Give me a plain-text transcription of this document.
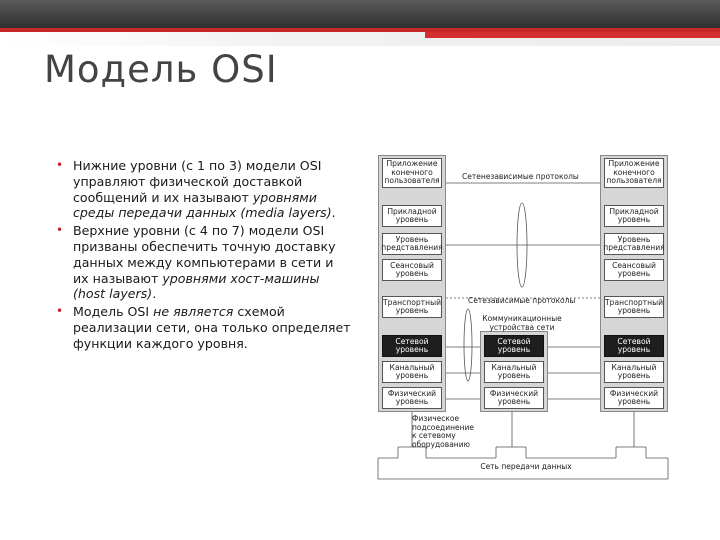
Модель OSI
• Нижние уровни (с 1 по 3) модели OSI управляют физической доставкой сообщений и их называют уровнями среды передачи данных (media layers).
• Верхние уровни (с 4 по 7) модели OSI призваны обеспечить точную доставку данных между компьютерами в сети и их называют уровнями хост-машины (host layers).
• Модель OSI не является схемой реализации сети, она только определяет функции каждого уровня.
Приложение
конечного
пользователя
Приложение
конечного
пользователя
Прикладной
уровень
Прикладной
уровень
Уровень
представления
Уровень
представления
Сеансовый
уровень
Сеансовый
уровень
Транспортный
уровень
Транспортный
уровень
Сетевой
уровень
Сетевой
уровень
Канальный
уровень
Канальный
уровень
Физический
уровень
Физический
уровень
Сетевой
уровень
Канальный
уровень
Физический
уровень
Сетенезависимые протоколы
Сетезависимые протоколы
Коммуникационные
устройства сети
Физическое
подсоединение
к сетевому
оборудованию
Сеть передачи данных
